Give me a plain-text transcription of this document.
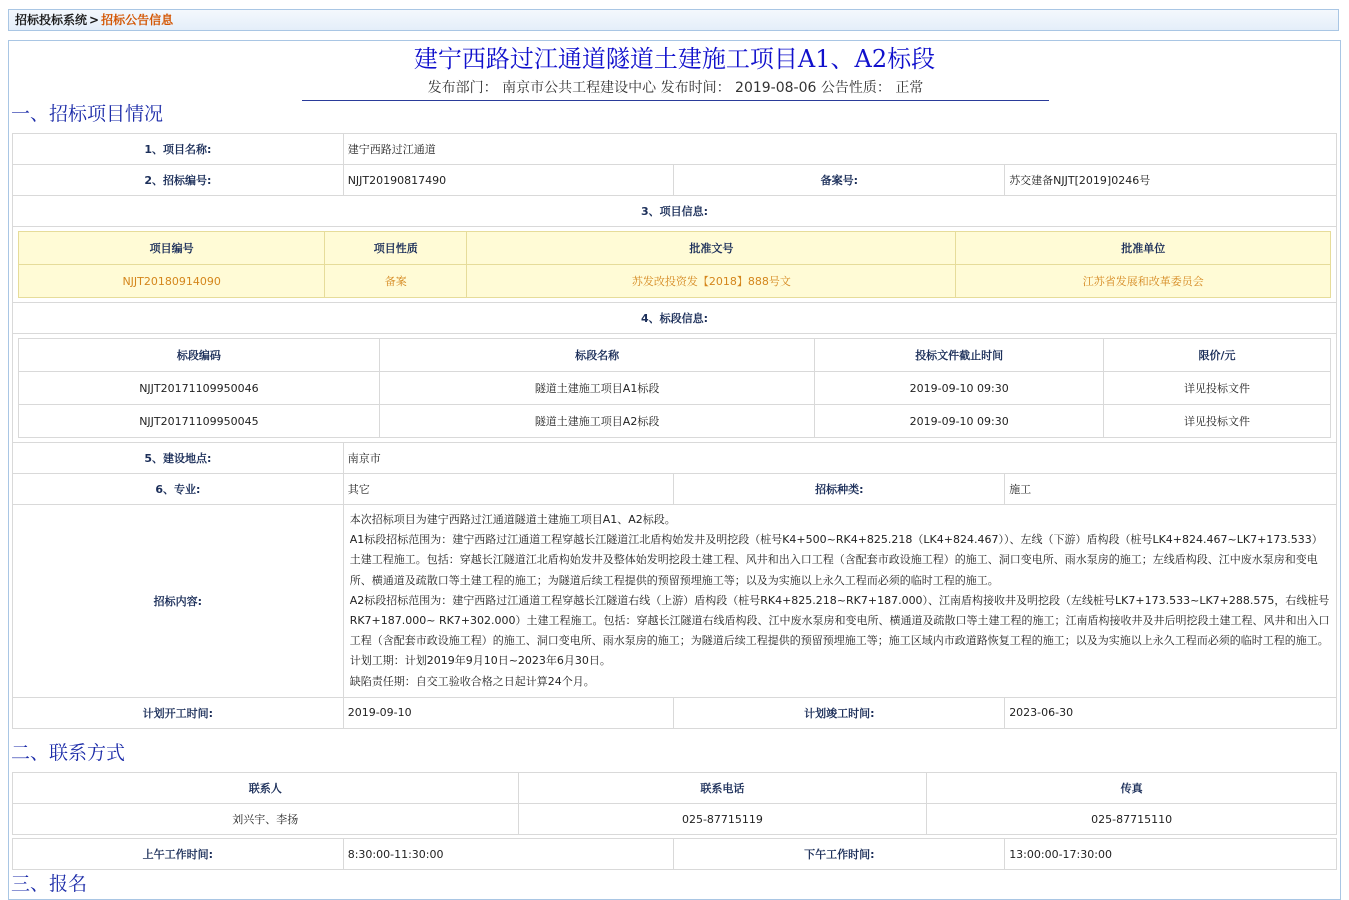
招标投标系统 > 招标公告信息
建宁西路过江通道隧道土建施工项目A1、A2标段
发布部门： 南京市公共工程建设中心 发布时间： 2019-08-06 公告性质： 正常
一、招标项目情况
1、项目名称:	建宁西路过江通道
2、招标编号:	NJJT20190817490	备案号:	苏交建备NJJT[2019]0246号
3、项目信息:

项目编号	项目性质	批准文号	批准单位
NJJT20180914090	备案	苏发改投资发【2018】888号文	江苏省发展和改革委员会

4、标段信息:

标段编码	标段名称	投标文件截止时间	限价/元
NJJT20171109950046	隧道土建施工项目A1标段	2019-09-10 09:30	详见投标文件
NJJT20171109950045	隧道土建施工项目A2标段	2019-09-10 09:30	详见投标文件

5、建设地点:	南京市
6、专业:	其它	招标种类:	施工
招标内容:	
本次招标项目为建宁西路过江通道隧道土建施工项目A1、A2标段。
A1标段招标范围为：建宁西路过江通道工程穿越长江隧道江北盾构始发井及明挖段（桩号K4+500~RK4+825.218（LK4+824.467））、左线（下游）盾构段（桩号LK4+824.467~LK7+173.533）土建工程施工。包括：穿越长江隧道江北盾构始发井及整体始发明挖段土建工程、风井和出入口工程（含配套市政设施工程）的施工、洞口变电所、雨水泵房的施工；左线盾构段、江中废水泵房和变电所、横通道及疏散口等土建工程的施工；为隧道后续工程提供的预留预埋施工等；以及为实施以上永久工程而必须的临时工程的施工。
A2标段招标范围为：建宁西路过江通道工程穿越长江隧道右线（上游）盾构段（桩号RK4+825.218~RK7+187.000）、江南盾构接收井及明挖段（左线桩号LK7+173.533~LK7+288.575，右线桩号RK7+187.000~ RK7+302.000）土建工程施工。包括：穿越长江隧道右线盾构段、江中废水泵房和变电所、横通道及疏散口等土建工程的施工；江南盾构接收井及井后明挖段土建工程、风井和出入口工程（含配套市政设施工程）的施工、洞口变电所、雨水泵房的施工；为隧道后续工程提供的预留预埋施工等；施工区域内市政道路恢复工程的施工；以及为实施以上永久工程而必须的临时工程的施工。
计划工期：计划2019年9月10日~2023年6月30日。
缺陷责任期：自交工验收合格之日起计算24个月。

计划开工时间:	2019-09-10	计划竣工时间:	2023-06-30
二、联系方式
联系人	联系电话	传真
刘兴宇、李扬	025-87715119	025-87715110
上午工作时间:	8:30:00-11:30:00	下午工作时间:	13:00:00-17:30:00
三、报名
